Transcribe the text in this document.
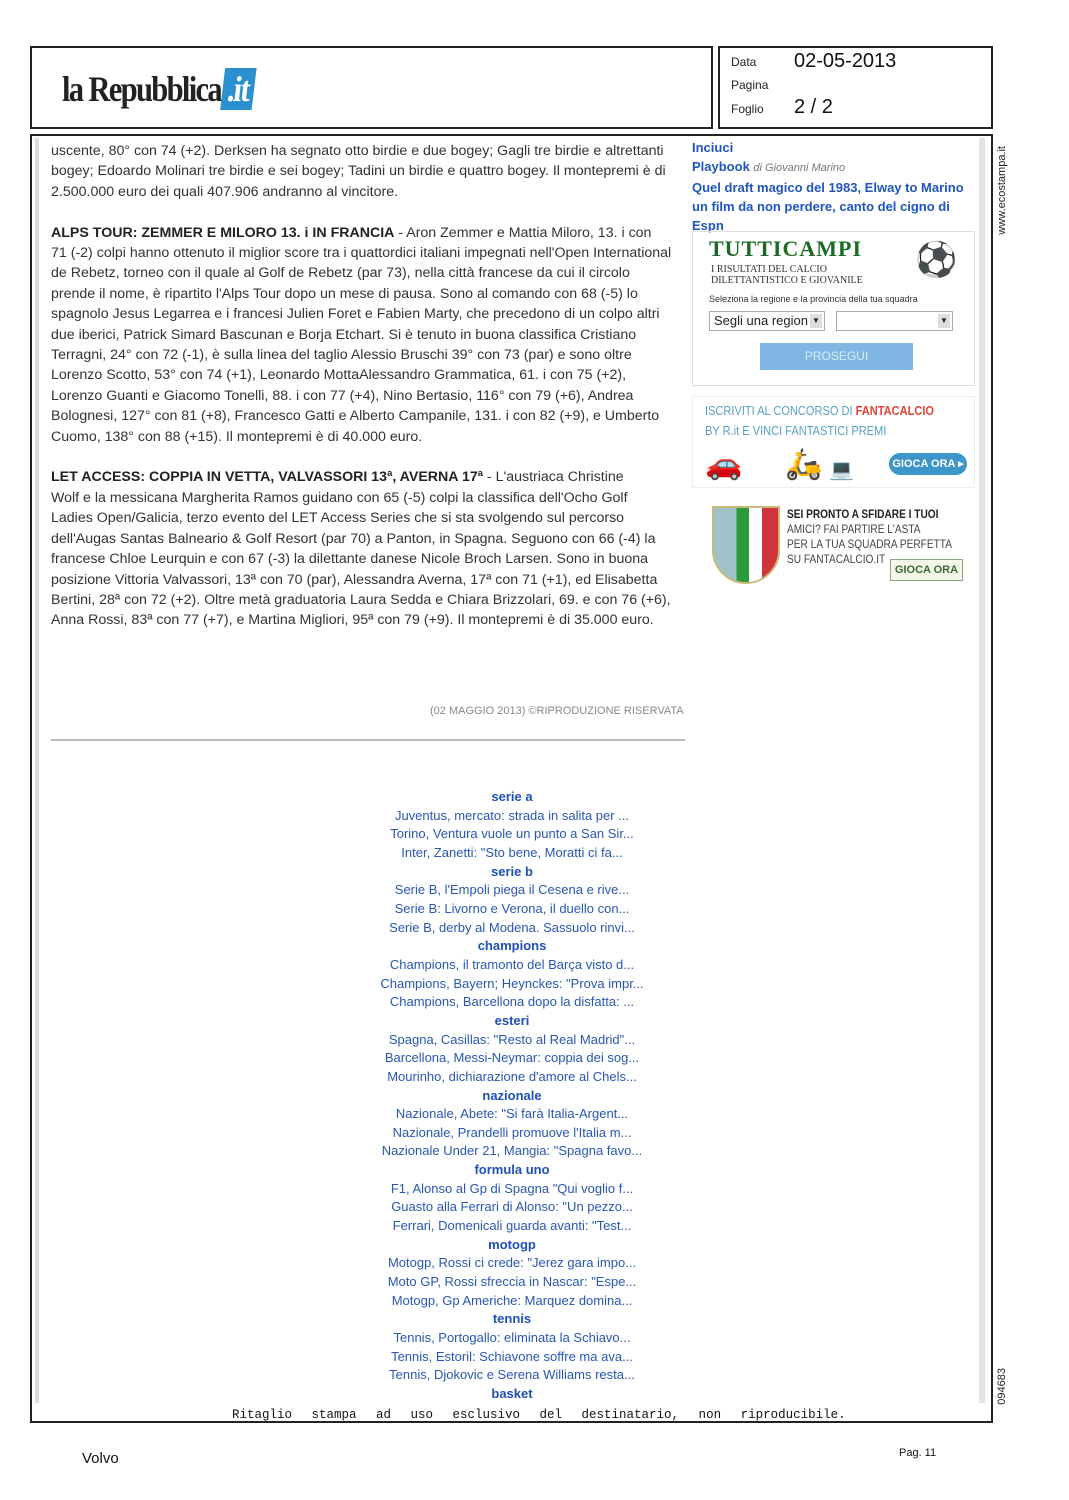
la Repubblica .it
Data 02-05-2013
Pagina
Foglio 2 / 2

uscente, 80° con 74 (+2). Derksen ha segnato otto birdie e due bogey; Gagli tre birdie e altrettanti
bogey; Edoardo Molinari tre birdie e sei bogey; Tadini un birdie e quattro bogey. Il montepremi è di
2.500.000 euro dei quali 407.906 andranno al vincitore.

ALPS TOUR: ZEMMER E MILORO 13. i IN FRANCIA - Aron Zemmer e Mattia Miloro, 13. i con
71 (-2) colpi hanno ottenuto il miglior score tra i quattordici italiani impegnati nell'Open International
de Rebetz, torneo con il quale al Golf de Rebetz (par 73), nella città francese da cui il circolo
prende il nome, è ripartito l'Alps Tour dopo un mese di pausa. Sono al comando con 68 (-5) lo
spagnolo Jesus Legarrea e i francesi Julien Foret e Fabien Marty, che precedono di un colpo altri
due iberici, Patrick Simard Bascunan e Borja Etchart. Si è tenuto in buona classifica Cristiano
Terragni, 24° con 72 (-1), è sulla linea del taglio Alessio Bruschi 39° con 73 (par) e sono oltre
Lorenzo Scotto, 53° con 74 (+1), Leonardo MottaAlessandro Grammatica, 61. i con 75 (+2),
Lorenzo Guanti e Giacomo Tonelli, 88. i con 77 (+4), Nino Bertasio, 116° con 79 (+6), Andrea
Bolognesi, 127° con 81 (+8), Francesco Gatti e Alberto Campanile, 131. i con 82 (+9), e Umberto
Cuomo, 138° con 88 (+15). Il montepremi è di 40.000 euro.

LET ACCESS: COPPIA IN VETTA, VALVASSORI 13ª, AVERNA 17ª - L'austriaca Christine
Wolf e la messicana Margherita Ramos guidano con 65 (-5) colpi la classifica dell'Ocho Golf
Ladies Open/Galicia, terzo evento del LET Access Series che si sta svolgendo sul percorso
dell'Augas Santas Balneario & Golf Resort (par 70) a Panton, in Spagna. Seguono con 66 (-4) la
francese Chloe Leurquin e con 67 (-3) la dilettante danese Nicole Broch Larsen. Sono in buona
posizione Vittoria Valvassori, 13ª con 70 (par), Alessandra Averna, 17ª con 71 (+1), ed Elisabetta
Bertini, 28ª con 72 (+2). Oltre metà graduatoria Laura Sedda e Chiara Brizzolari, 69. e con 76 (+6),
Anna Rossi, 83ª con 77 (+7), e Martina Migliori, 95ª con 79 (+9). Il montepremi è di 35.000 euro.

(02 MAGGIO 2013) ©RIPRODUZIONE RISERVATA
serie a
Juventus, mercato: strada in salita per ...
Torino, Ventura vuole un punto a San Sir...
Inter, Zanetti: "Sto bene, Moratti ci fa...
serie b
Serie B, l'Empoli piega il Cesena e rive...
Serie B: Livorno e Verona, il duello con...
Serie B, derby al Modena. Sassuolo rinvi...
champions
Champions, il tramonto del Barça visto d...
Champions, Bayern; Heynckes: "Prova impr...
Champions, Barcellona dopo la disfatta: ...
esteri
Spagna, Casillas: "Resto al Real Madrid"...
Barcellona, Messi-Neymar: coppia dei sog...
Mourinho, dichiarazione d'amore al Chels...
nazionale
Nazionale, Abete: "Si farà Italia-Argent...
Nazionale, Prandelli promuove l'Italia m...
Nazionale Under 21, Mangia: "Spagna favo...
formula uno
F1, Alonso al Gp di Spagna "Qui voglio f...
Guasto alla Ferrari di Alonso: "Un pezzo...
Ferrari, Domenicali guarda avanti: "Test...
motogp
Motogp, Rossi ci crede: "Jerez gara impo...
Moto GP, Rossi sfreccia in Nascar: "Espe...
Motogp, Gp Americhe: Marquez domina...
tennis
Tennis, Portogallo: eliminata la Schiavo...
Tennis, Estoril: Schiavone soffre ma ava...
Tennis, Djokovic e Serena Williams resta...
basket
Inciuci
Playbook di Giovanni Marino
Quel draft magico del 1983, Elway to Marino un film da non perdere, canto del cigno di Espn
TUTTICAMPI
I RISULTATI DEL CALCIO
DILETTANTISTICO E GIOVANILE
⚽
Seleziona la regione e la provincia della tua squadra
Segli una region ▼	▼
PROSEGUI
ISCRIVITI AL CONCORSO DI FANTACALCIO
BY R.it E VINCI FANTASTICI PREMI
🚗 🛵 💻	GIOCA ORA ▸
SEI PRONTO A SFIDARE I TUOI
AMICI? FAI PARTIRE L'ASTA
PER LA TUA SQUADRA PERFETTA
SU FANTACALCIO.IT
GIOCA ORA
Ritaglio stampa ad uso esclusivo del destinatario, non riproducibile.
www.ecostampa.it
094683
Volvo	Pag. 11
